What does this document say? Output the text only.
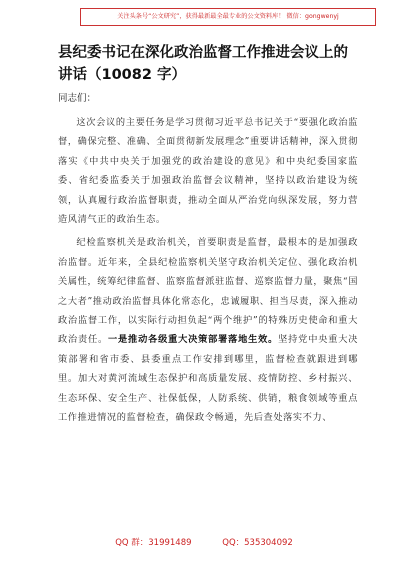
关注头条号“公文研究”，获得最新最全最专业的公文资料库！ 微信：gongwenyj
县纪委书记在深化政治监督工作推进会议上的讲话（10082 字）
同志们：

这次会议的主要任务是学习贯彻习近平总书记关于“要强化政治监督，确保完整、准确、全面贯彻新发展理念”重要讲话精神，深入贯彻落实《中共中央关于加强党的政治建设的意见》和中央纪委国家监委、省纪委监委关于加强政治监督会议精神，坚持以政治建设为统领，认真履行政治监督职责，推动全面从严治党向纵深发展，努力营造风清气正的政治生态。

纪检监察机关是政治机关，首要职责是监督，最根本的是加强政治监督。近年来，全县纪检监察机关坚守政治机关定位、强化政治机关属性，统筹纪律监督、监察监督派驻监督、巡察监督力量，聚焦“国之大者”推动政治监督具体化常态化，忠诚履职、担当尽责，深入推动政治监督工作，以实际行动担负起“两个维护”的特殊历史使命和重大政治责任。一是推动各级重大决策部署落地生效。坚持党中央重大决策部署和省市委、县委重点工作安排到哪里，监督检查就跟进到哪里。加大对黄河流域生态保护和高质量发展、疫情防控、乡村振兴、生态环保、安全生产、社保低保，人防系统、供销，粮食领域等重点工作推进情况的监督检查，确保政令畅通，先后查处落实不力、

QQ 群：31991489	QQ：535304092
